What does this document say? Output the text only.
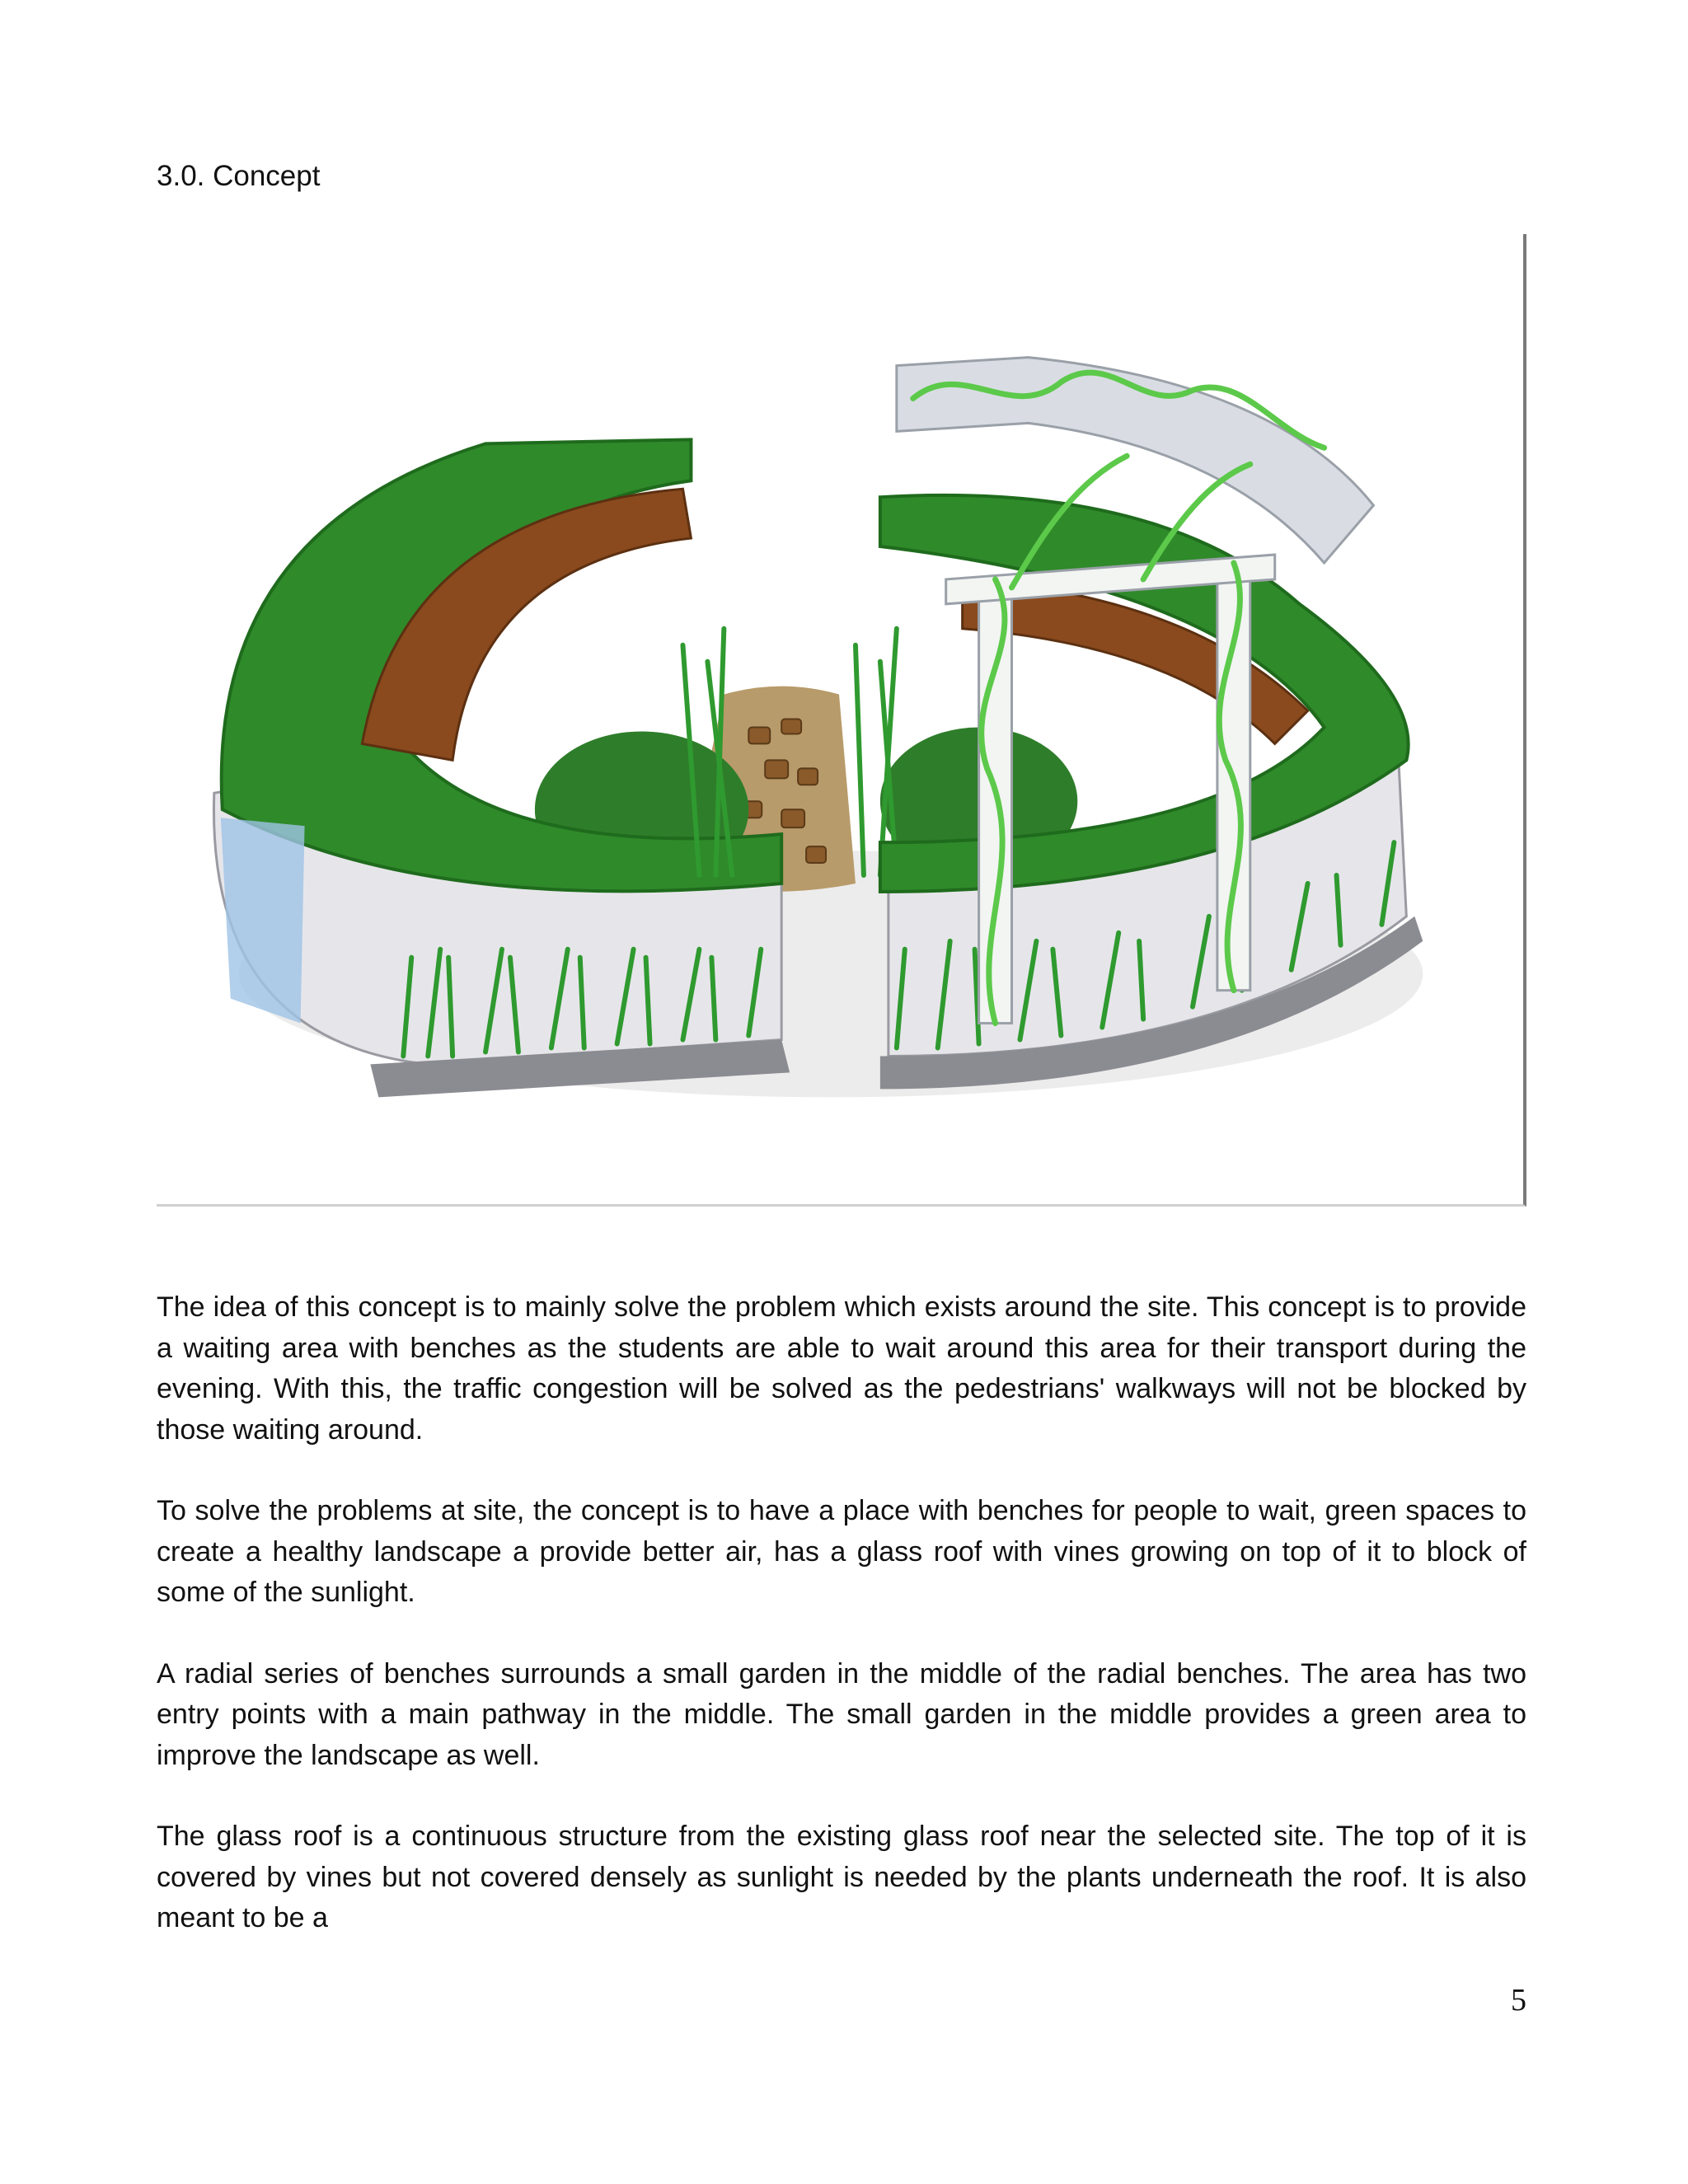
3.0. Concept

The idea of this concept is to mainly solve the problem which exists around the site. This concept is to provide a waiting area with benches as the students are able to wait around this area for their transport during the evening. With this, the traffic congestion will be solved as the pedestrians' walkways will not be blocked by those waiting around.

To solve the problems at site, the concept is to have a place with benches for people to wait, green spaces to create a healthy landscape a provide better air, has a glass roof with vines growing on top of it to block of some of the sunlight.

A radial series of benches surrounds a small garden in the middle of the radial benches. The area has two entry points with a main pathway in the middle. The small garden in the middle provides a green area to improve the landscape as well.

The glass roof is a continuous structure from the existing glass roof near the selected site. The top of it is covered by vines but not covered densely as sunlight is needed by the plants underneath the roof. It is also meant to be a

5
